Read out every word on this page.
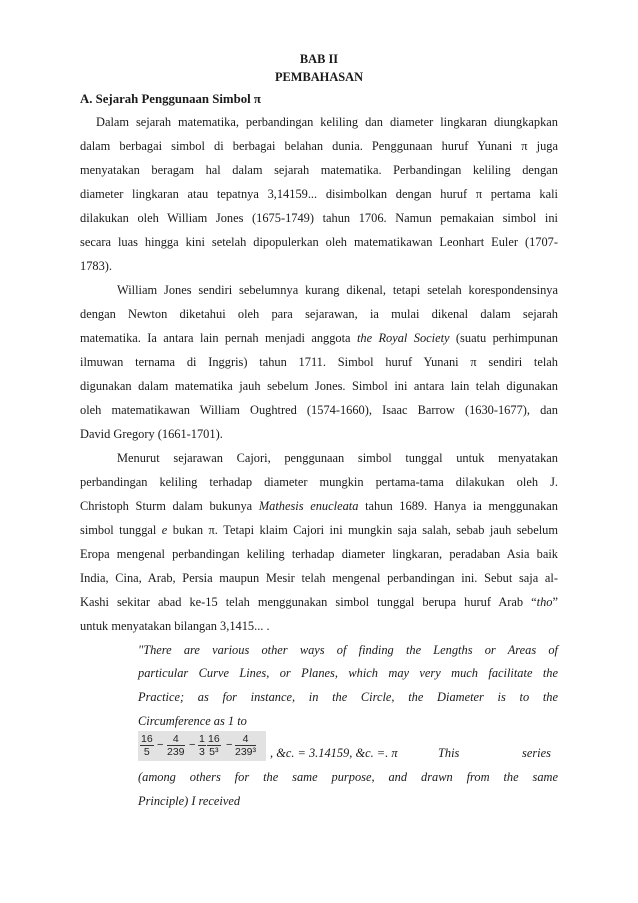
BAB II
PEMBAHASAN
A. Sejarah Penggunaan Simbol π
Dalam sejarah matematika, perbandingan keliling dan diameter lingkaran diungkapkan
dalam berbagai simbol di berbagai belahan dunia. Penggunaan huruf Yunani π juga
menyatakan beragam hal dalam sejarah matematika. Perbandingan keliling dengan
diameter lingkaran atau tepatnya 3,14159... disimbolkan dengan huruf π pertama kali
dilakukan oleh William Jones (1675-1749) tahun 1706. Namun pemakaian simbol ini
secara luas hingga kini setelah dipopulerkan oleh matematikawan Leonhart Euler (1707-
1783).
William Jones sendiri sebelumnya kurang dikenal, tetapi setelah korespondensinya
dengan Newton diketahui oleh para sejarawan, ia mulai dikenal dalam sejarah
matematika. Ia antara lain pernah menjadi anggota the Royal Society (suatu perhimpunan
ilmuwan ternama di Inggris) tahun 1711. Simbol huruf Yunani π sendiri telah
digunakan dalam matematika jauh sebelum Jones. Simbol ini antara lain telah digunakan
oleh matematikawan William Oughtred (1574-1660), Isaac Barrow (1630-1677), dan
David Gregory (1661-1701).
Menurut sejarawan Cajori, penggunaan simbol tunggal untuk menyatakan
perbandingan keliling terhadap diameter mungkin pertama-tama dilakukan oleh J.
Christoph Sturm dalam bukunya Mathesis enucleata tahun 1689. Hanya ia menggunakan
simbol tunggal e bukan π. Tetapi klaim Cajori ini mungkin saja salah, sebab jauh sebelum
Eropa mengenal perbandingan keliling terhadap diameter lingkaran, peradaban Asia baik
India, Cina, Arab, Persia maupun Mesir telah mengenal perbandingan ini. Sebut saja al-
Kashi sekitar abad ke-15 telah menggunakan simbol tunggal berupa huruf Arab “tho”
untuk menyatakan bilangan 3,1415... .
"There are various other ways of finding the Lengths or Areas of
particular Curve Lines, or Planes, which may very much facilitate the
Practice; as for instance, in the Circle, the Diameter is to the
16
5
− 4
239
− 1
3
16
5³
− 4
239³ , &c. = 3.14159, &c. =. π	This	series
(among others for the same purpose, and drawn from the same
Principle) I received
Circumference as 1 to
